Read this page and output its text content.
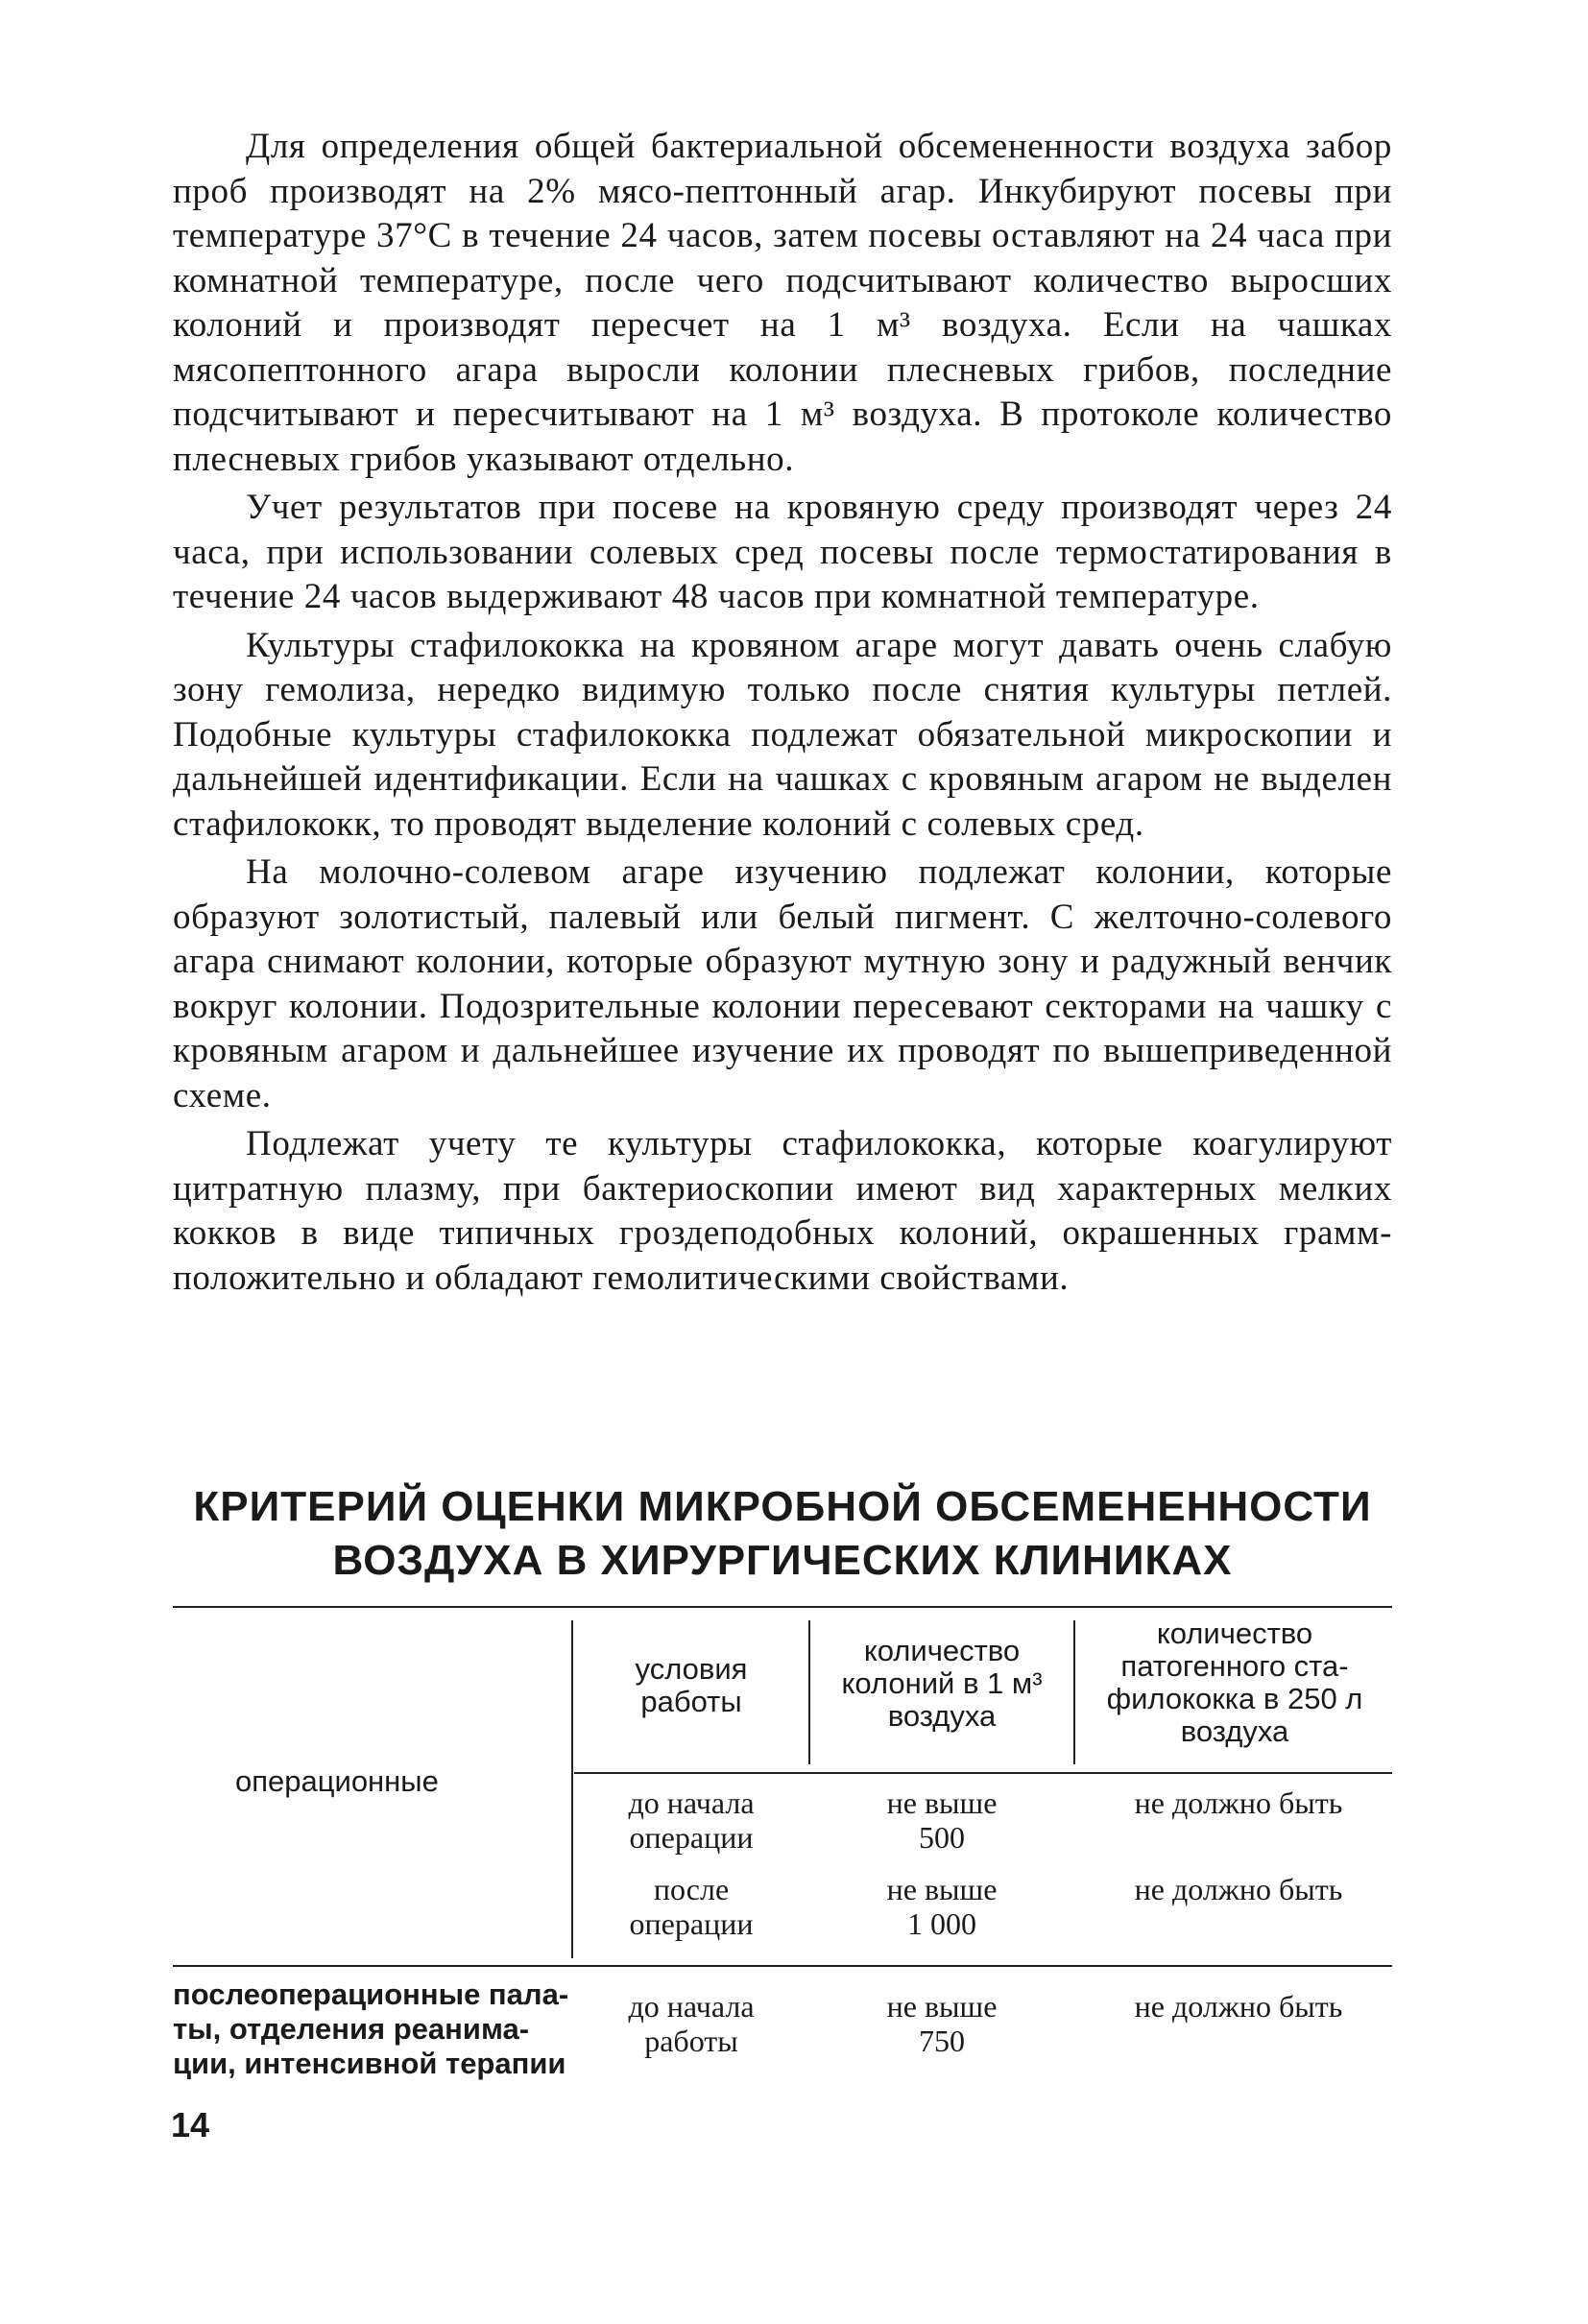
Для определения общей бактериальной обсемененности воздуха забор проб производят на 2% мясо-пептонный агар. Инкубируют посевы при температуре 37°С в течение 24 часов, затем посевы оставляют на 24 часа при комнатной температуре, после чего подсчитывают количество выросших колоний и производят пересчет на 1 м³ воздуха. Если на чашках мясопептонного агара выросли колонии плесневых грибов, последние подсчитывают и пересчитывают на 1 м³ воздуха. В протоколе количество плесневых грибов указывают отдельно.

Учет результатов при посеве на кровяную среду производят через 24 часа, при использовании солевых сред посевы после термостатирования в течение 24 часов выдерживают 48 часов при комнатной температуре.

Культуры стафилококка на кровяном агаре могут давать очень слабую зону гемолиза, нередко видимую только после снятия культуры петлей. Подобные культуры стафилококка подлежат обязательной микроскопии и дальнейшей идентификации. Если на чашках с кровяным агаром не выделен стафилококк, то проводят выделение колоний с солевых сред.

На молочно-солевом агаре изучению подлежат колонии, которые образуют золотистый, палевый или белый пигмент. С желточно-солевого агара снимают колонии, которые образуют мутную зону и радужный венчик вокруг колонии. Подозрительные колонии пересевают секторами на чашку с кровяным агаром и дальнейшее изучение их проводят по вышеприведенной схеме.

Подлежат учету те культуры стафилококка, которые коагулируют цитратную плазму, при бактериоскопии имеют вид характерных мелких кокков в виде типичных гроздеподобных колоний, окрашенных грамм-положительно и обладают гемолитическими свойствами.

КРИТЕРИЙ ОЦЕНКИ МИКРОБНОЙ ОБСЕМЕНЕННОСТИ
ВОЗДУХА В ХИРУРГИЧЕСКИХ КЛИНИКАХ
условия
работы
количество
колоний в 1 м³
воздуха
количество
патогенного ста-
филококка в 250 л
воздуха
операционные
до начала
операции
не выше
500
не должно быть
после
операции
не выше
1 000
не должно быть
послеоперационные пала-
ты, отделения реанима-
ции, интенсивной терапии
до начала
работы
не выше
750
не должно быть
14
